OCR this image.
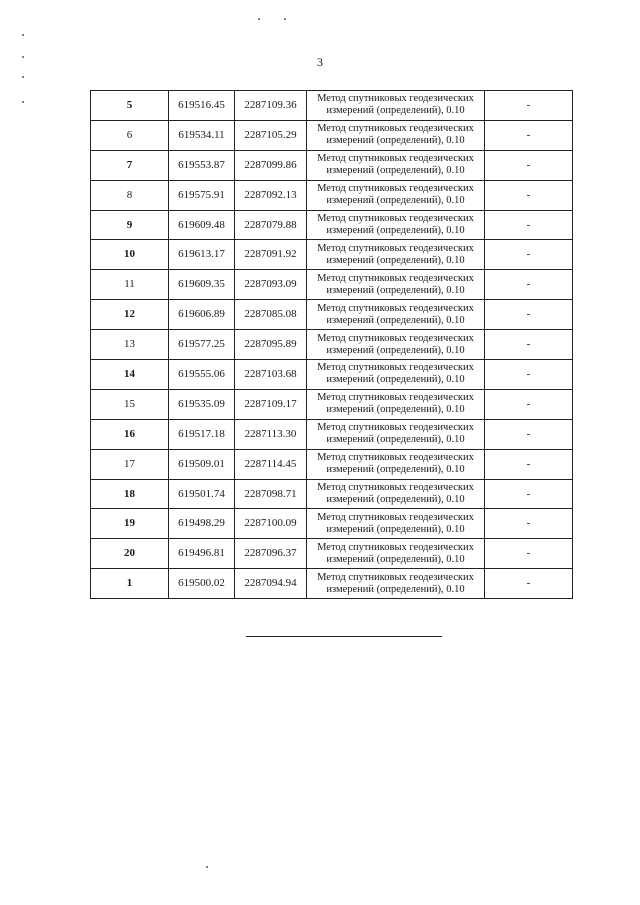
3
5	619516.45	2287109.36	Метод спутниковых геодезических измерений (определений), 0.10	-
6	619534.11	2287105.29	Метод спутниковых геодезических измерений (определений), 0.10	-
7	619553.87	2287099.86	Метод спутниковых геодезических измерений (определений), 0.10	-
8	619575.91	2287092.13	Метод спутниковых геодезических измерений (определений), 0.10	-
9	619609.48	2287079.88	Метод спутниковых геодезических измерений (определений), 0.10	-
10	619613.17	2287091.92	Метод спутниковых геодезических измерений (определений), 0.10	-
11	619609.35	2287093.09	Метод спутниковых геодезических измерений (определений), 0.10	-
12	619606.89	2287085.08	Метод спутниковых геодезических измерений (определений), 0.10	-
13	619577.25	2287095.89	Метод спутниковых геодезических измерений (определений), 0.10	-
14	619555.06	2287103.68	Метод спутниковых геодезических измерений (определений), 0.10	-
15	619535.09	2287109.17	Метод спутниковых геодезических измерений (определений), 0.10	-
16	619517.18	2287113.30	Метод спутниковых геодезических измерений (определений), 0.10	-
17	619509.01	2287114.45	Метод спутниковых геодезических измерений (определений), 0.10	-
18	619501.74	2287098.71	Метод спутниковых геодезических измерений (определений), 0.10	-
19	619498.29	2287100.09	Метод спутниковых геодезических измерений (определений), 0.10	-
20	619496.81	2287096.37	Метод спутниковых геодезических измерений (определений), 0.10	-
1	619500.02	2287094.94	Метод спутниковых геодезических измерений (определений), 0.10	-
